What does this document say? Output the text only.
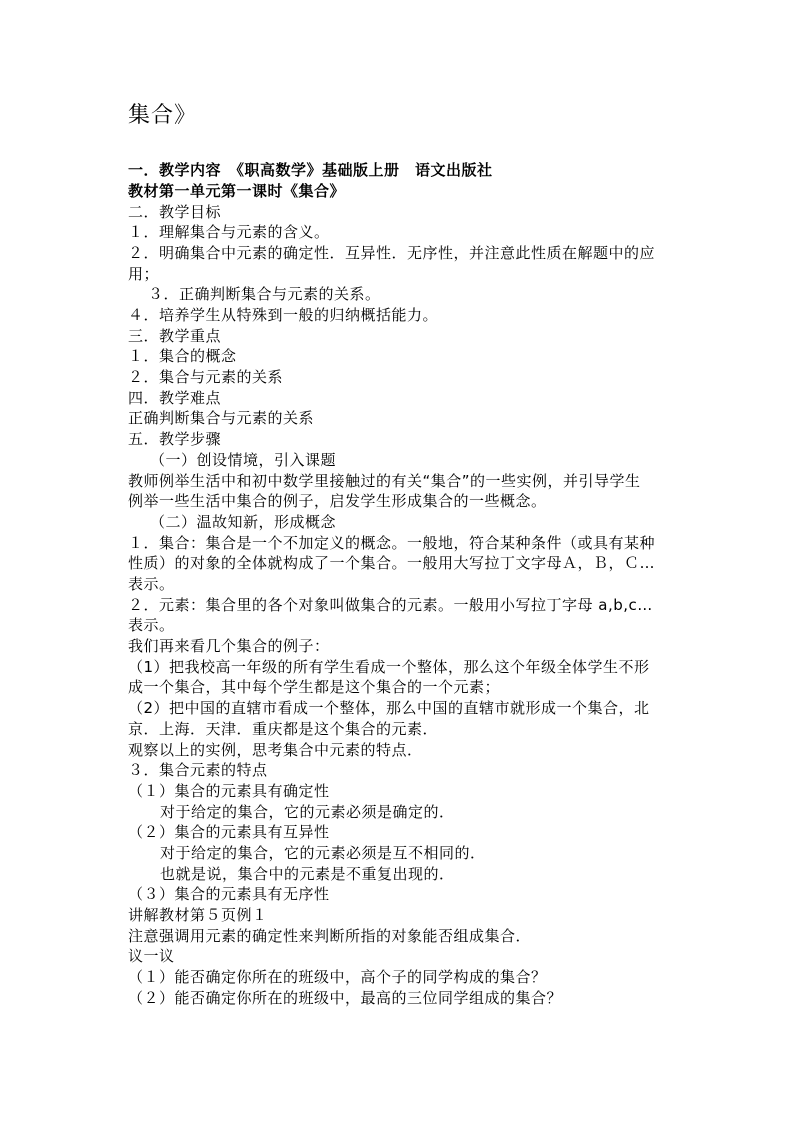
集合》
一．教学内容　《职高数学》基础版上册　语文出版社
教材第一单元第一课时《集合》
二．教学目标
１．理解集合与元素的含义。
２．明确集合中元素的确定性．互异性．无序性，并注意此性质在解题中的应
用；
３．正确判断集合与元素的关系。
４．培养学生从特殊到一般的归纳概括能力。
三．教学重点
１．集合的概念
２．集合与元素的关系
四．教学难点
正确判断集合与元素的关系
五．教学步骤
（一）创设情境，引入课题
教师例举生活中和初中数学里接触过的有关“集合”的一些实例，并引导学生
例举一些生活中集合的例子，启发学生形成集合的一些概念。
（二）温故知新，形成概念
１．集合：集合是一个不加定义的概念。一般地，符合某种条件（或具有某种
性质）的对象的全体就构成了一个集合。一般用大写拉丁文字母Ａ，Ｂ，Ｃ…
表示。
２．元素：集合里的各个对象叫做集合的元素。一般用小写拉丁字母 a,b,c…
表示。
我们再来看几个集合的例子：
（1）把我校高一年级的所有学生看成一个整体，那么这个年级全体学生不形
成一个集合，其中每个学生都是这个集合的一个元素；
（2）把中国的直辖市看成一个整体，那么中国的直辖市就形成一个集合，北
京．上海．天津．重庆都是这个集合的元素．
观察以上的实例，思考集合中元素的特点．
３．集合元素的特点
（１）集合的元素具有确定性
对于给定的集合，它的元素必须是确定的．
（２）集合的元素具有互异性
对于给定的集合，它的元素必须是互不相同的．
也就是说，集合中的元素是不重复出现的．
（３）集合的元素具有无序性
讲解教材第５页例１
注意强调用元素的确定性来判断所指的对象能否组成集合．
议一议
（１）能否确定你所在的班级中，高个子的同学构成的集合？
（２）能否确定你所在的班级中，最高的三位同学组成的集合？
